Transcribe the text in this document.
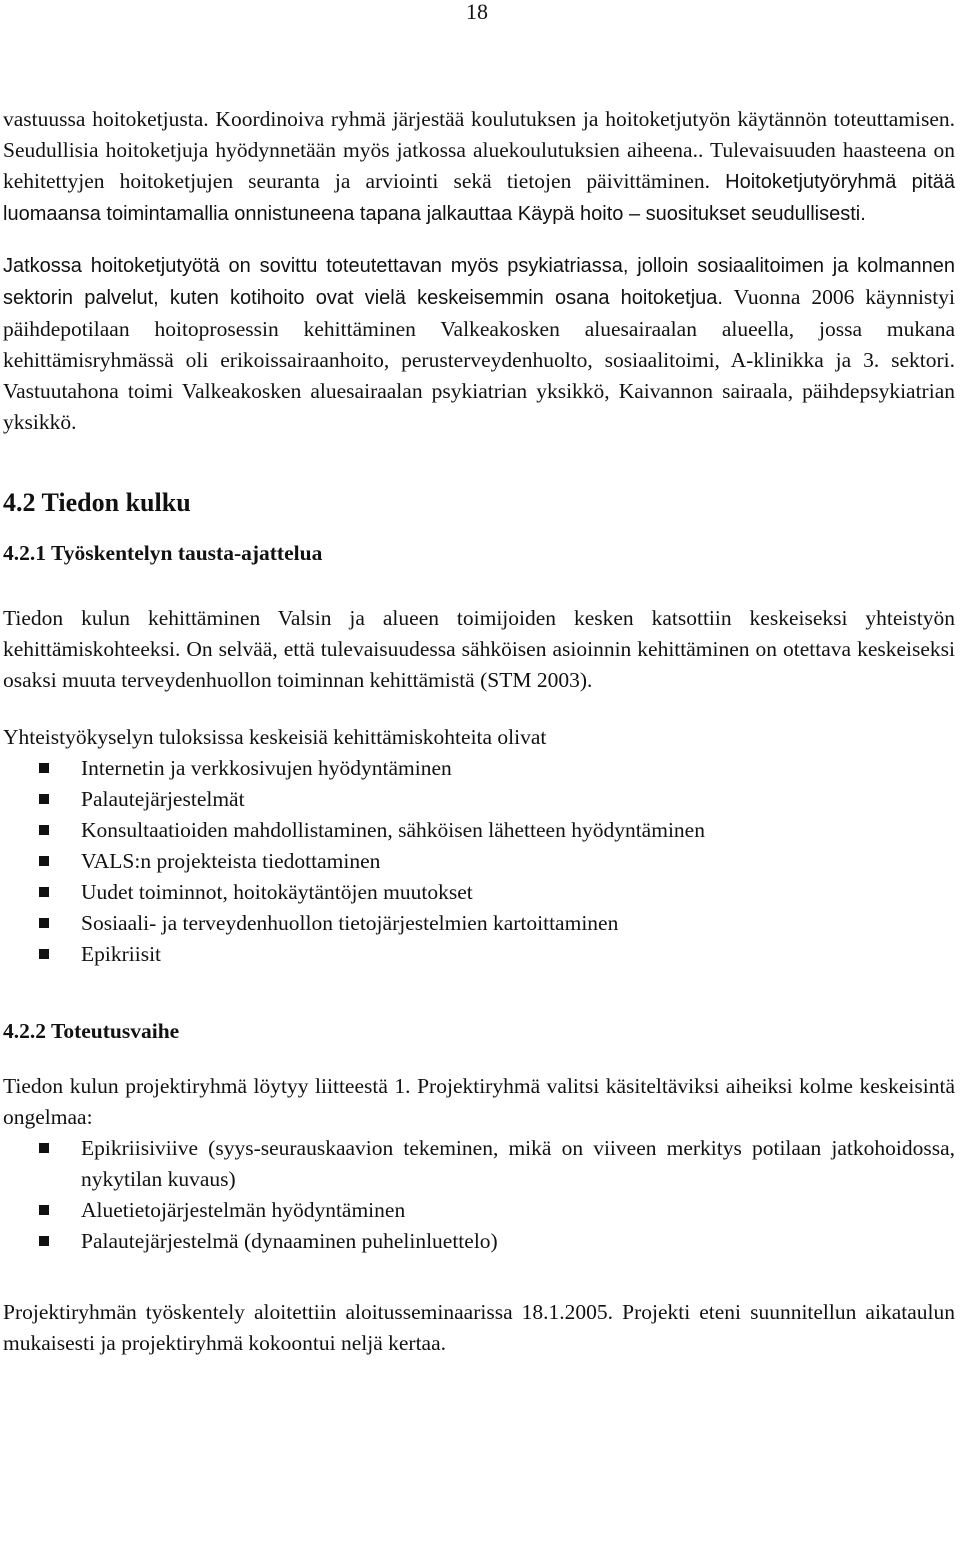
18

vastuussa hoitoketjusta. Koordinoiva ryhmä järjestää koulutuksen ja hoitoketjutyön käytännön toteuttamisen. Seudullisia hoitoketjuja hyödynnetään myös jatkossa aluekoulutuksien aiheena.. Tulevaisuuden haasteena on kehitettyjen hoitoketjujen seuranta ja arviointi sekä tietojen päivittäminen. Hoitoketjutyöryhmä pitää luomaansa toimintamallia onnistuneena tapana jalkauttaa Käypä hoito – suositukset seudullisesti.

Jatkossa hoitoketjutyötä on sovittu toteutettavan myös psykiatriassa, jolloin sosiaalitoimen ja kolmannen sektorin palvelut, kuten kotihoito ovat vielä keskeisemmin osana hoitoketjua. Vuonna 2006 käynnistyi päihdepotilaan hoitoprosessin kehittäminen Valkeakosken aluesairaalan alueella, jossa mukana kehittämisryhmässä oli erikoissairaanhoito, perusterveydenhuolto, sosiaalitoimi, A-klinikka ja 3. sektori. Vastuutahona toimi Valkeakosken aluesairaalan psykiatrian yksikkö, Kaivannon sairaala, päihdepsykiatrian yksikkö.

4.2 Tiedon kulku
4.2.1 Työskentelyn tausta-ajattelua

Tiedon kulun kehittäminen Valsin ja alueen toimijoiden kesken katsottiin keskeiseksi yhteistyön kehittämiskohteeksi. On selvää, että tulevaisuudessa sähköisen asioinnin kehittäminen on otettava keskeiseksi osaksi muuta terveydenhuollon toiminnan kehittämistä (STM 2003).

Yhteistyökyselyn tuloksissa keskeisiä kehittämiskohteita olivat

Internetin ja verkkosivujen hyödyntäminen
Palautejärjestelmät
Konsultaatioiden mahdollistaminen, sähköisen lähetteen hyödyntäminen
VALS:n projekteista tiedottaminen
Uudet toiminnot, hoitokäytäntöjen muutokset
Sosiaali- ja terveydenhuollon tietojärjestelmien kartoittaminen
Epikriisit
4.2.2 Toteutusvaihe

Tiedon kulun projektiryhmä löytyy liitteestä 1. Projektiryhmä valitsi käsiteltäviksi aiheiksi kolme keskeisintä ongelmaa:

Epikriisiviive (syys-seurauskaavion tekeminen, mikä on viiveen merkitys potilaan jatkohoidossa, nykytilan kuvaus)
Aluetietojärjestelmän hyödyntäminen
Palautejärjestelmä (dynaaminen puhelinluettelo)

Projektiryhmän työskentely aloitettiin aloitusseminaarissa 18.1.2005. Projekti eteni suunnitellun aikataulun mukaisesti ja projektiryhmä kokoontui neljä kertaa.
